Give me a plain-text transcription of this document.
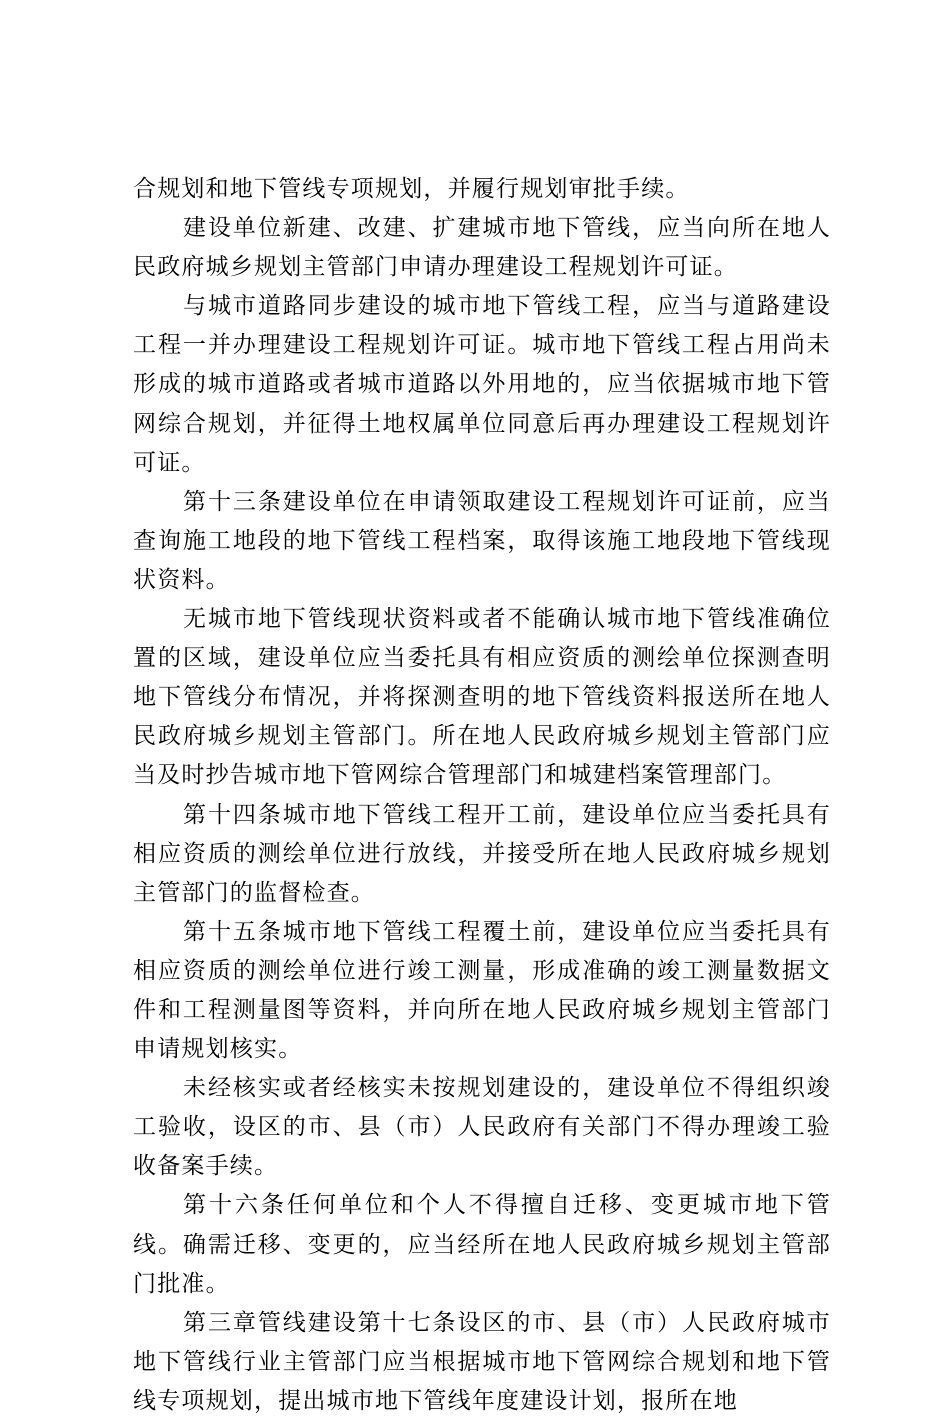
合规划和地下管线专项规划，并履行规划审批手续。

建设单位新建、改建、扩建城市地下管线，应当向所在地人民政府城乡规划主管部门申请办理建设工程规划许可证。

与城市道路同步建设的城市地下管线工程，应当与道路建设工程一并办理建设工程规划许可证。城市地下管线工程占用尚未形成的城市道路或者城市道路以外用地的，应当依据城市地下管网综合规划，并征得土地权属单位同意后再办理建设工程规划许可证。

第十三条建设单位在申请领取建设工程规划许可证前，应当查询施工地段的地下管线工程档案，取得该施工地段地下管线现状资料。

无城市地下管线现状资料或者不能确认城市地下管线准确位置的区域，建设单位应当委托具有相应资质的测绘单位探测查明地下管线分布情况，并将探测查明的地下管线资料报送所在地人民政府城乡规划主管部门。所在地人民政府城乡规划主管部门应当及时抄告城市地下管网综合管理部门和城建档案管理部门。

第十四条城市地下管线工程开工前，建设单位应当委托具有相应资质的测绘单位进行放线，并接受所在地人民政府城乡规划主管部门的监督检查。

第十五条城市地下管线工程覆土前，建设单位应当委托具有相应资质的测绘单位进行竣工测量，形成准确的竣工测量数据文件和工程测量图等资料，并向所在地人民政府城乡规划主管部门申请规划核实。

未经核实或者经核实未按规划建设的，建设单位不得组织竣工验收，设区的市、县（市）人民政府有关部门不得办理竣工验收备案手续。

第十六条任何单位和个人不得擅自迁移、变更城市地下管线。确需迁移、变更的，应当经所在地人民政府城乡规划主管部门批准。

第三章管线建设第十七条设区的市、县（市）人民政府城市地下管线行业主管部门应当根据城市地下管网综合规划和地下管线专项规划，提出城市地下管线年度建设计划，报所在地
